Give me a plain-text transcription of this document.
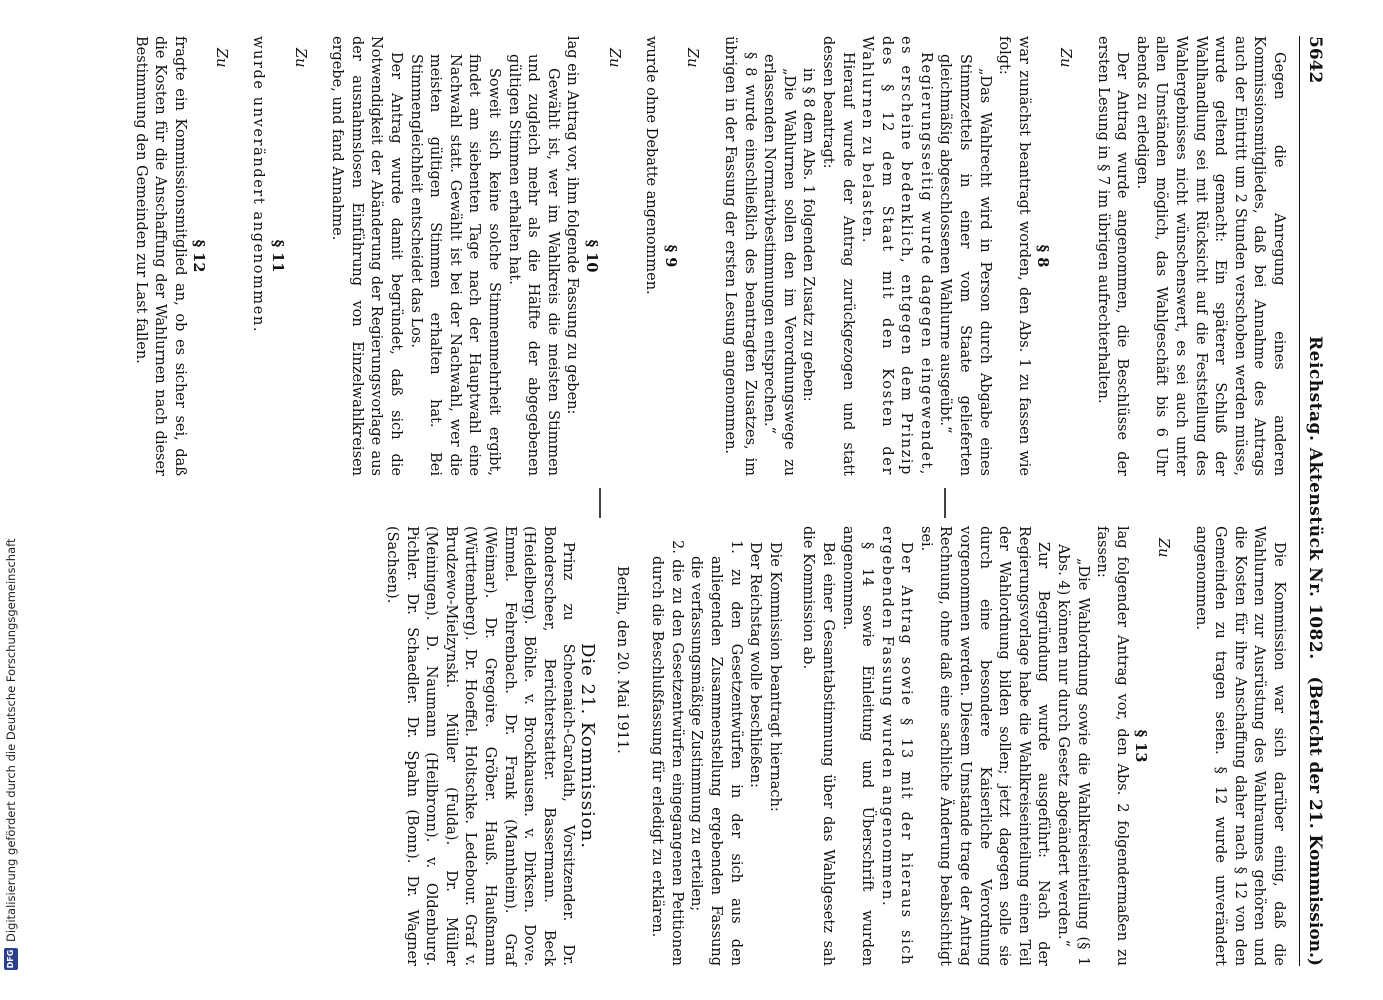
5642
Reichstag. Aktenstück Nr. 1082.
(Bericht der 21. Kommission.)

Gegen die Anregung eines anderen Kommissionsmitgliedes, daß bei Annahme des Antrags auch der Eintritt um 2 Stunden verschoben werden müsse, wurde geltend gemacht: Ein späterer Schluß der Wahlhandlung sei mit Rücksicht auf die Feststellung des Wahlergebnisses nicht wünschenswert, es sei auch unter allen Umständen möglich, das Wahlgeschäft bis 6 Uhr abends zu erledigen.

Der Antrag wurde angenommen, die Beschlüsse der ersten Lesung in § 7 im übrigen aufrechterhalten.

Zu

§ 8

war zunächst beantragt worden, den Abs. 1 zu fassen wie folgt:

„Das Wahlrecht wird in Person durch Abgabe eines Stimmzettels in einer vom Staate gelieferten gleichmäßig abgeschlossenen Wahlurne ausgeübt.“

Regierungsseitig wurde dagegen eingewendet, es erscheine bedenklich, entgegen dem Prinzip des § 12 dem Staat mit den Kosten der Wahlurnen zu belasten.

Hierauf wurde der Antrag zurückgezogen und statt dessen beantragt:

in § 8 dem Abs. 1 folgenden Zusatz zu geben:

„Die Wahlurnen sollen den im Verordnungswege zu erlassenden Normativbestimmungen entsprechen.“

§ 8 wurde einschließlich des beantragten Zusatzes, im übrigen in der Fassung der ersten Lesung angenommen.

Zu

§ 9

wurde ohne Debatte angenommen.

Zu

§ 10

lag ein Antrag vor, ihm folgende Fassung zu geben:

Gewählt ist, wer im Wahlkreis die meisten Stimmen und zugleich mehr als die Hälfte der abgegebenen gültigen Stimmen erhalten hat.

Soweit sich keine solche Stimmenmehrheit ergibt, findet am siebenten Tage nach der Hauptwahl eine Nachwahl statt. Gewählt ist bei der Nachwahl, wer die meisten gültigen Stimmen erhalten hat. Bei Stimmengleichheit entscheidet das Los.

Der Antrag wurde damit begründet, daß sich die Notwendigkeit der Abänderung der Regierungsvorlage aus der ausnahmslosen Einführung von Einzelwahlkreisen ergebe, und fand Annahme.

Zu

§ 11

wurde unverändert angenommen.

Zu

§ 12

fragte ein Kommissionsmitglied an, ob es sicher sei, daß die Kosten für die Anschaffung der Wahlurnen nach dieser Bestimmung den Gemeinden zur Last fallen.

Die Kommission war sich darüber einig, daß die Wahlurnen zur Ausrüstung des Wahlraumes gehören und die Kosten für ihre Anschaffung daher nach § 12 von den Gemeinden zu tragen seien. § 12 wurde unverändert angenommen.

Zu

§ 13

lag folgender Antrag vor, den Abs. 2 folgendermaßen zu fassen:

„Die Wahlordnung sowie die Wahlkreiseinteilung (§ 1 Abs. 4) können nur durch Gesetz abgeändert werden.“

Zur Begründung wurde ausgeführt: Nach der Regierungsvorlage habe die Wahlkreiseinteilung einen Teil der Wahlordnung bilden sollen; jetzt dagegen solle sie durch eine besondere Kaiserliche Verordnung vorgenommen werden. Diesem Umstande trage der Antrag Rechnung, ohne daß eine sachliche Änderung beabsichtigt sei.

Der Antrag sowie § 13 mit der hieraus sich ergebenden Fassung wurden angenommen.

§ 14 sowie Einleitung und Überschrift wurden angenommen.

Bei einer Gesamtabstimmung über das Wahlgesetz sah die Kommission ab.

Die Kommission beantragt hiernach:

Der Reichstag wolle beschließen:

1. zu den Gesetzentwürfen in der sich aus den anliegenden Zusammenstellung ergebenden Fassung die verfassungsmäßige Zustimmung zu erteilen;

2. die zu den Gesetzentwürfen eingegangenen Petitionen durch die Beschlußfassung für erledigt zu erklären.

Berlin, den 20. Mai 1911.

Die 21. Kommission.

Prinz zu Schoenaich-Carolath, Vorsitzender. Dr. Bonderscheer, Berichterstatter. Bassermann. Beck (Heidelberg). Böhle. v. Brockhausen. v. Dirksen. Dove. Emmel. Fehrenbach. Dr. Frank (Mannheim). Graf (Weimar). Dr. Gregoire. Gröber. Hauß. Haußmann (Württemberg). Dr. Hoeffel. Holtschke. Ledebour. Graf v. Brudzewo-Mielzynski. Müller (Fulda). Dr. Müller (Meiningen). D. Naumann (Heilbronn). v. Oldenburg. Pichler. Dr. Schaedler. Dr. Spahn (Bonn). Dr. Wagner (Sachsen).

DFG
Digitalisierung gefördert durch die Deutsche Forschungsgemeinschaft
